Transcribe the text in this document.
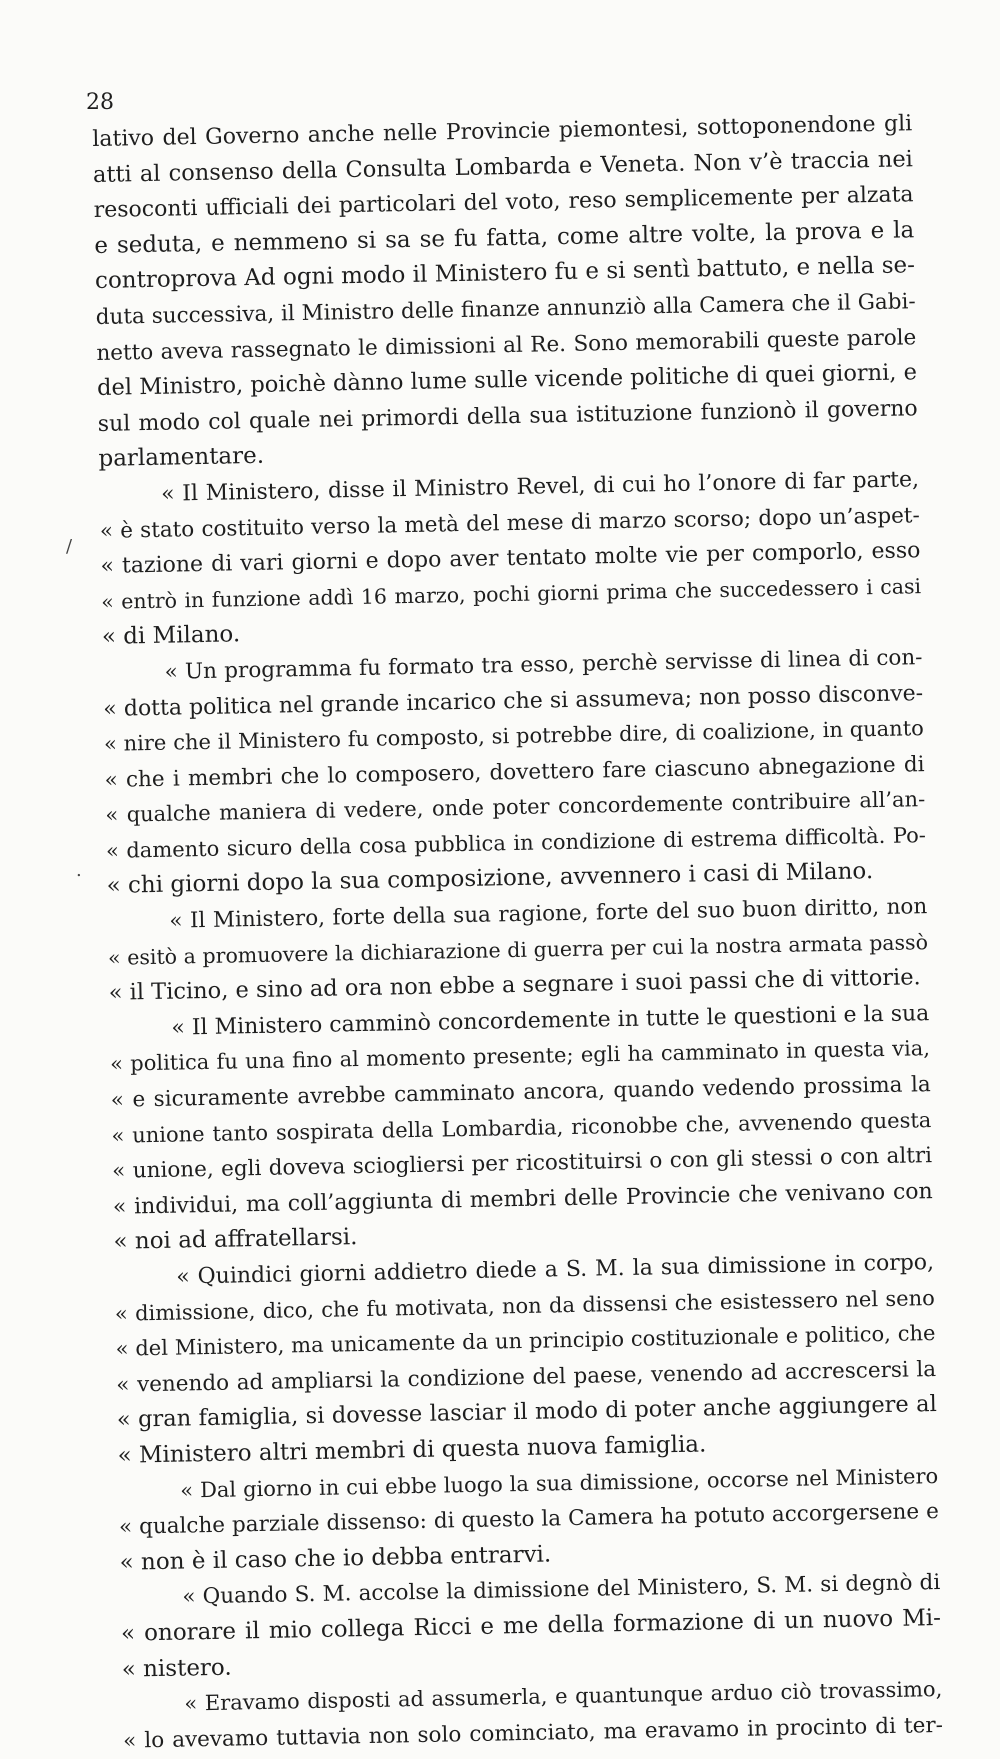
28
/
.
lativo del Governo anche nelle Provincie piemontesi, sottoponendone gli
atti al consenso della Consulta Lombarda e Veneta. Non v’è traccia nei
resoconti ufficiali dei particolari del voto, reso semplicemente per alzata
e seduta, e nemmeno si sa se fu fatta, come altre volte, la prova e la
controprova Ad ogni modo il Ministero fu e si sentì battuto, e nella se-
duta successiva, il Ministro delle finanze annunziò alla Camera che il Gabi-
netto aveva rassegnato le dimissioni al Re. Sono memorabili queste parole
del Ministro, poichè dànno lume sulle vicende politiche di quei giorni, e
sul modo col quale nei primordi della sua istituzione funzionò il governo
parlamentare.
« Il Ministero, disse il Ministro Revel, di cui ho l’onore di far parte,
« è stato costituito verso la metà del mese di marzo scorso; dopo un’aspet-
« tazione di vari giorni e dopo aver tentato molte vie per comporlo, esso
« entrò in funzione addì 16 marzo, pochi giorni prima che succedessero i casi
« di Milano.
« Un programma fu formato tra esso, perchè servisse di linea di con-
« dotta politica nel grande incarico che si assumeva; non posso disconve-
« nire che il Ministero fu composto, si potrebbe dire, di coalizione, in quanto
« che i membri che lo composero, dovettero fare ciascuno abnegazione di
« qualche maniera di vedere, onde poter concordemente contribuire all’an-
« damento sicuro della cosa pubblica in condizione di estrema difficoltà. Po-
« chi giorni dopo la sua composizione, avvennero i casi di Milano.
« Il Ministero, forte della sua ragione, forte del suo buon diritto, non
« esitò a promuovere la dichiarazione di guerra per cui la nostra armata passò
« il Ticino, e sino ad ora non ebbe a segnare i suoi passi che di vittorie.
« Il Ministero camminò concordemente in tutte le questioni e la sua
« politica fu una fino al momento presente; egli ha camminato in questa via,
« e sicuramente avrebbe camminato ancora, quando vedendo prossima la
« unione tanto sospirata della Lombardia, riconobbe che, avvenendo questa
« unione, egli doveva sciogliersi per ricostituirsi o con gli stessi o con altri
« individui, ma coll’aggiunta di membri delle Provincie che venivano con
« noi ad affratellarsi.
« Quindici giorni addietro diede a S. M. la sua dimissione in corpo,
« dimissione, dico, che fu motivata, non da dissensi che esistessero nel seno
« del Ministero, ma unicamente da un principio costituzionale e politico, che
« venendo ad ampliarsi la condizione del paese, venendo ad accrescersi la
« gran famiglia, si dovesse lasciar il modo di poter anche aggiungere al
« Ministero altri membri di questa nuova famiglia.
« Dal giorno in cui ebbe luogo la sua dimissione, occorse nel Ministero
« qualche parziale dissenso: di questo la Camera ha potuto accorgersene e
« non è il caso che io debba entrarvi.
« Quando S. M. accolse la dimissione del Ministero, S. M. si degnò di
« onorare il mio collega Ricci e me della formazione di un nuovo Mi-
« nistero.
« Eravamo disposti ad assumerla, e quantunque arduo ciò trovassimo,
« lo avevamo tuttavia non solo cominciato, ma eravamo in procinto di ter-
